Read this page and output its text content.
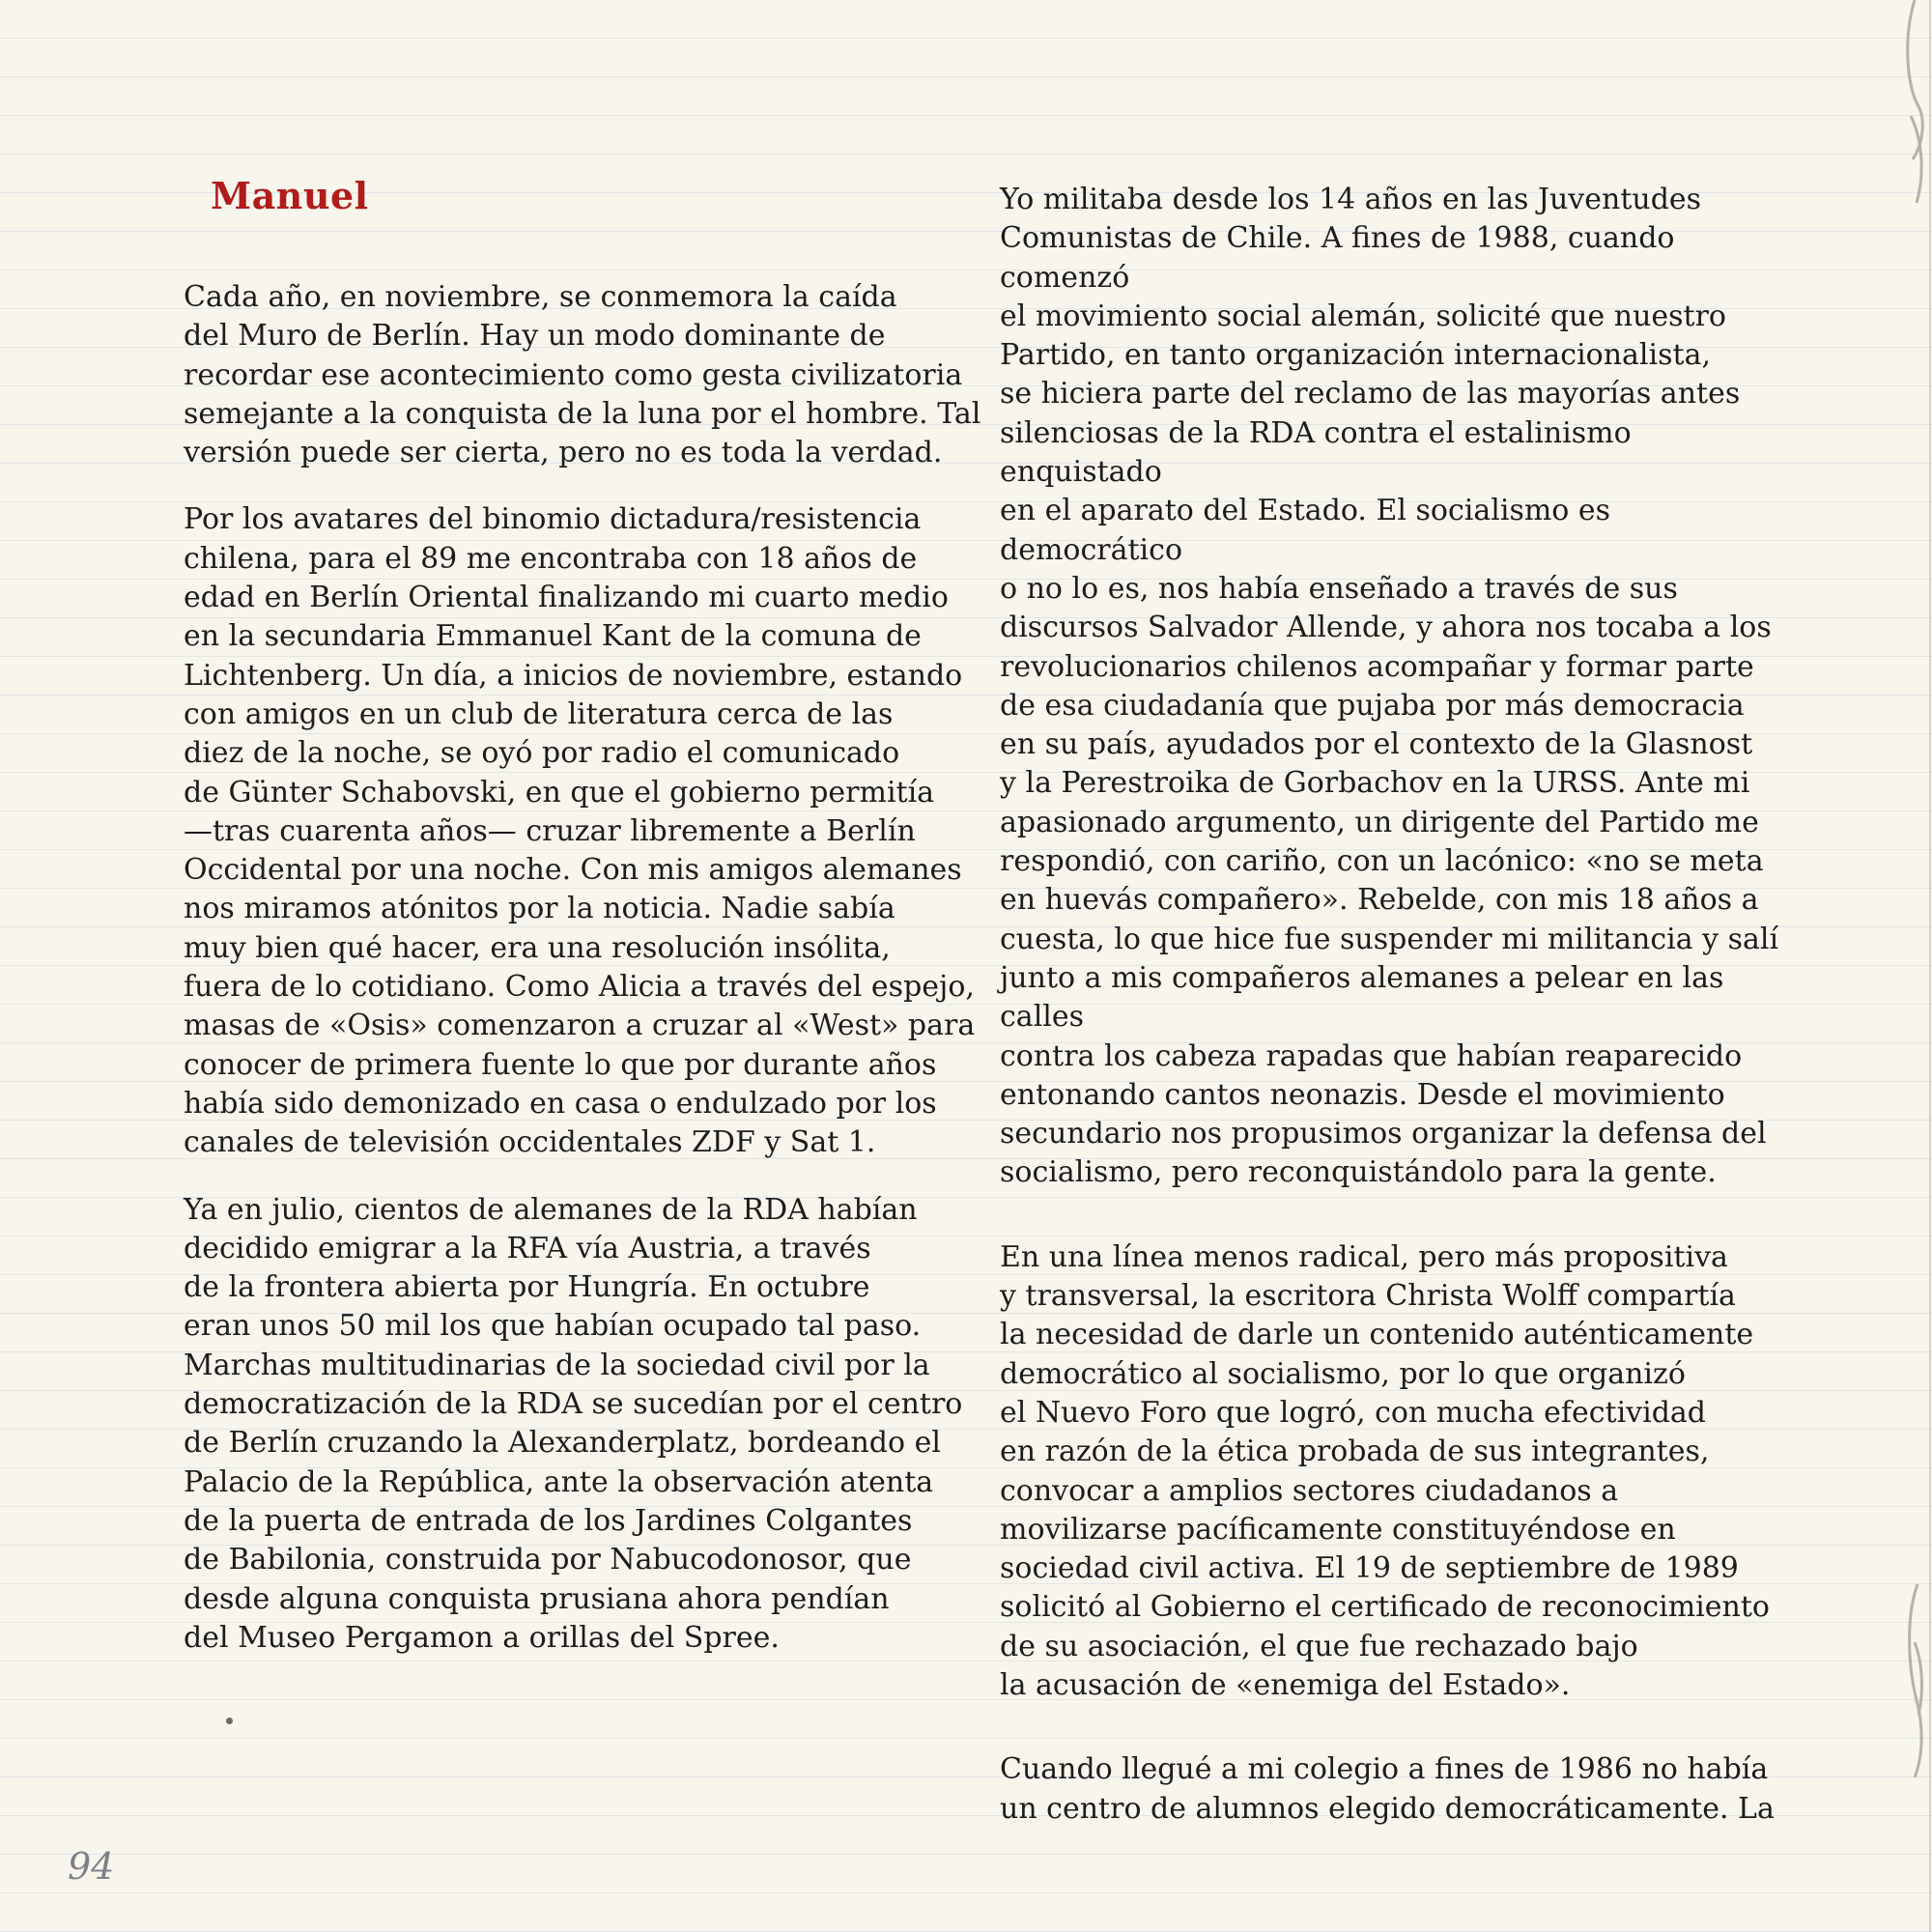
Manuel

Cada año, en noviembre, se conmemora la caída
del Muro de Berlín. Hay un modo dominante de
recordar ese acontecimiento como gesta civilizatoria
semejante a la conquista de la luna por el hombre. Tal
versión puede ser cierta, pero no es toda la verdad.

Por los avatares del binomio dictadura/resistencia
chilena, para el 89 me encontraba con 18 años de
edad en Berlín Oriental finalizando mi cuarto medio
en la secundaria Emmanuel Kant de la comuna de
Lichtenberg. Un día, a inicios de noviembre, estando
con amigos en un club de literatura cerca de las
diez de la noche, se oyó por radio el comunicado
de Günter Schabovski, en que el gobierno permitía
—tras cuarenta años— cruzar libremente a Berlín
Occidental por una noche. Con mis amigos alemanes
nos miramos atónitos por la noticia. Nadie sabía
muy bien qué hacer, era una resolución insólita,
fuera de lo cotidiano. Como Alicia a través del espejo,
masas de «Osis» comenzaron a cruzar al «West» para
conocer de primera fuente lo que por durante años
había sido demonizado en casa o endulzado por los
canales de televisión occidentales ZDF y Sat 1.

Ya en julio, cientos de alemanes de la RDA habían
decidido emigrar a la RFA vía Austria, a través
de la frontera abierta por Hungría. En octubre
eran unos 50 mil los que habían ocupado tal paso.
Marchas multitudinarias de la sociedad civil por la
democratización de la RDA se sucedían por el centro
de Berlín cruzando la Alexanderplatz, bordeando el
Palacio de la República, ante la observación atenta
de la puerta de entrada de los Jardines Colgantes
de Babilonia, construida por Nabucodonosor, que
desde alguna conquista prusiana ahora pendían
del Museo Pergamon a orillas del Spree.

Yo militaba desde los 14 años en las Juventudes
Comunistas de Chile. A fines de 1988, cuando comenzó
el movimiento social alemán, solicité que nuestro
Partido, en tanto organización internacionalista,
se hiciera parte del reclamo de las mayorías antes
silenciosas de la RDA contra el estalinismo enquistado
en el aparato del Estado. El socialismo es democrático
o no lo es, nos había enseñado a través de sus
discursos Salvador Allende, y ahora nos tocaba a los
revolucionarios chilenos acompañar y formar parte
de esa ciudadanía que pujaba por más democracia
en su país, ayudados por el contexto de la Glasnost
y la Perestroika de Gorbachov en la URSS. Ante mi
apasionado argumento, un dirigente del Partido me
respondió, con cariño, con un lacónico: «no se meta
en huevás compañero». Rebelde, con mis 18 años a
cuesta, lo que hice fue suspender mi militancia y salí
junto a mis compañeros alemanes a pelear en las calles
contra los cabeza rapadas que habían reaparecido
entonando cantos neonazis. Desde el movimiento
secundario nos propusimos organizar la defensa del
socialismo, pero reconquistándolo para la gente.

En una línea menos radical, pero más propositiva
y transversal, la escritora Christa Wolff compartía
la necesidad de darle un contenido auténticamente
democrático al socialismo, por lo que organizó
el Nuevo Foro que logró, con mucha efectividad
en razón de la ética probada de sus integrantes,
convocar a amplios sectores ciudadanos a
movilizarse pacíficamente constituyéndose en
sociedad civil activa. El 19 de septiembre de 1989
solicitó al Gobierno el certificado de reconocimiento
de su asociación, el que fue rechazado bajo
la acusación de «enemiga del Estado».

Cuando llegué a mi colegio a fines de 1986 no había
un centro de alumnos elegido democráticamente. La

94
